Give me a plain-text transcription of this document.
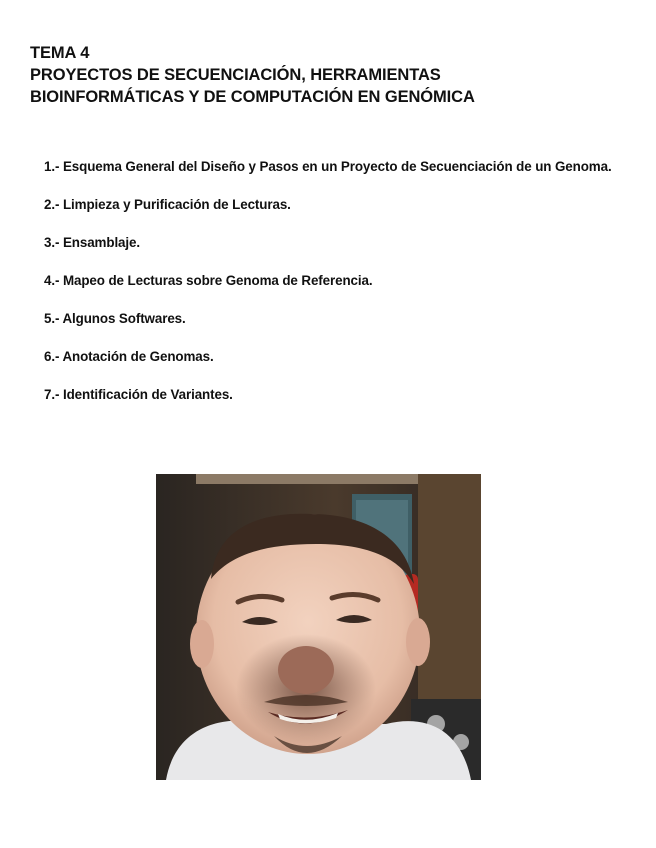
TEMA 4
PROYECTOS DE SECUENCIACIÓN, HERRAMIENTAS
BIOINFORMÁTICAS Y DE COMPUTACIÓN EN GENÓMICA
1.- Esquema General del Diseño y Pasos en un Proyecto de Secuenciación de un Genoma.
2.- Limpieza y Purificación de Lecturas.
3.- Ensamblaje.
4.- Mapeo de Lecturas sobre Genoma de Referencia.
5.- Algunos Softwares.
6.- Anotación de Genomas.
7.- Identificación de Variantes.
